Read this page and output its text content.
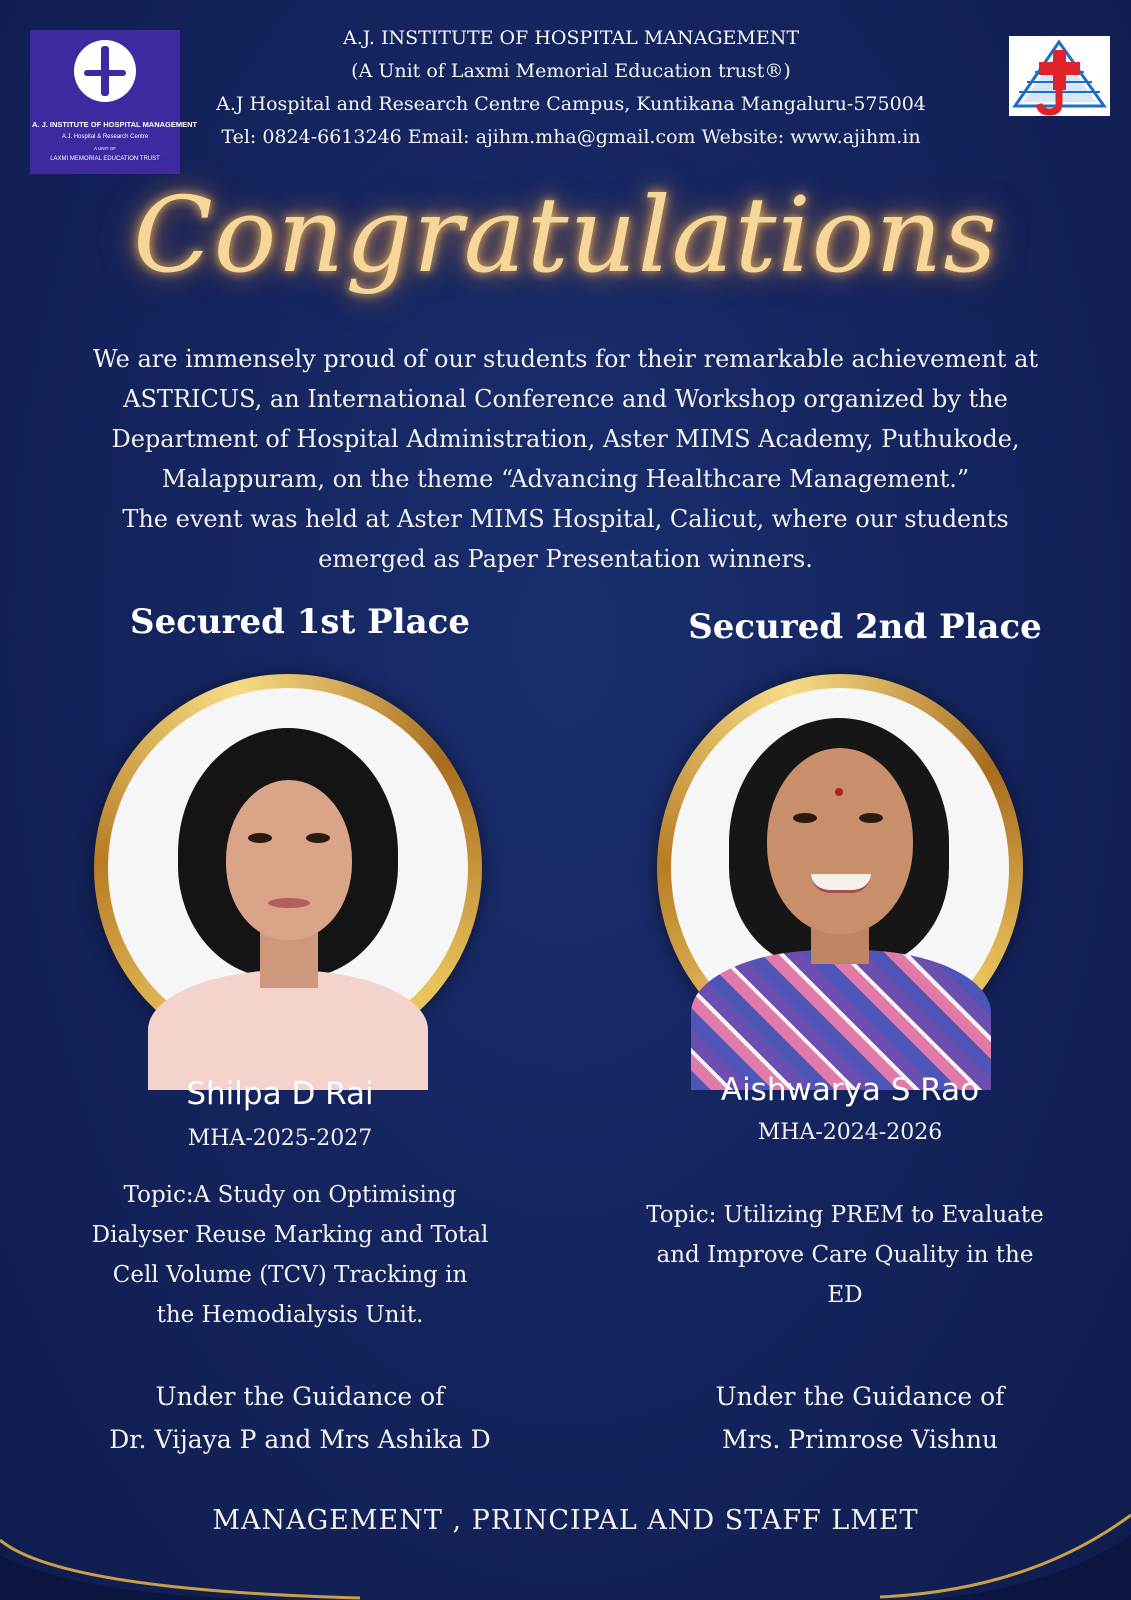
A. J. INSTITUTE OF HOSPITAL MANAGEMENT
A.J. Hospital & Research Centre
A UNIT OF
LAXMI MEMORIAL EDUCATION TRUST
A.J. INSTITUTE OF HOSPITAL MANAGEMENT
(A Unit of Laxmi Memorial Education trust®)
A.J Hospital and Research Centre Campus, Kuntikana Mangaluru-575004
Tel: 0824-6613246 Email: ajihm.mha@gmail.com Website: www.ajihm.in
Congratulations
We are immensely proud of our students for their remarkable achievement at
ASTRICUS, an International Conference and Workshop organized by the
Department of Hospital Administration, Aster MIMS Academy, Puthukode,
Malappuram, on the theme “Advancing Healthcare Management.”
The event was held at Aster MIMS Hospital, Calicut, where our students
emerged as Paper Presentation winners.
Secured 1st Place	Secured 2nd Place
Shilpa D Rai	Aishwarya S Rao
MHA-2025-2027	MHA-2024-2026
Topic:A Study on Optimising
Dialyser Reuse Marking and Total
Cell Volume (TCV) Tracking in
the Hemodialysis Unit.
Topic: Utilizing PREM to Evaluate
and Improve Care Quality in the
ED
Under the Guidance of
Dr. Vijaya P and Mrs Ashika D
Under the Guidance of
Mrs. Primrose Vishnu
MANAGEMENT , PRINCIPAL AND STAFF LMET
